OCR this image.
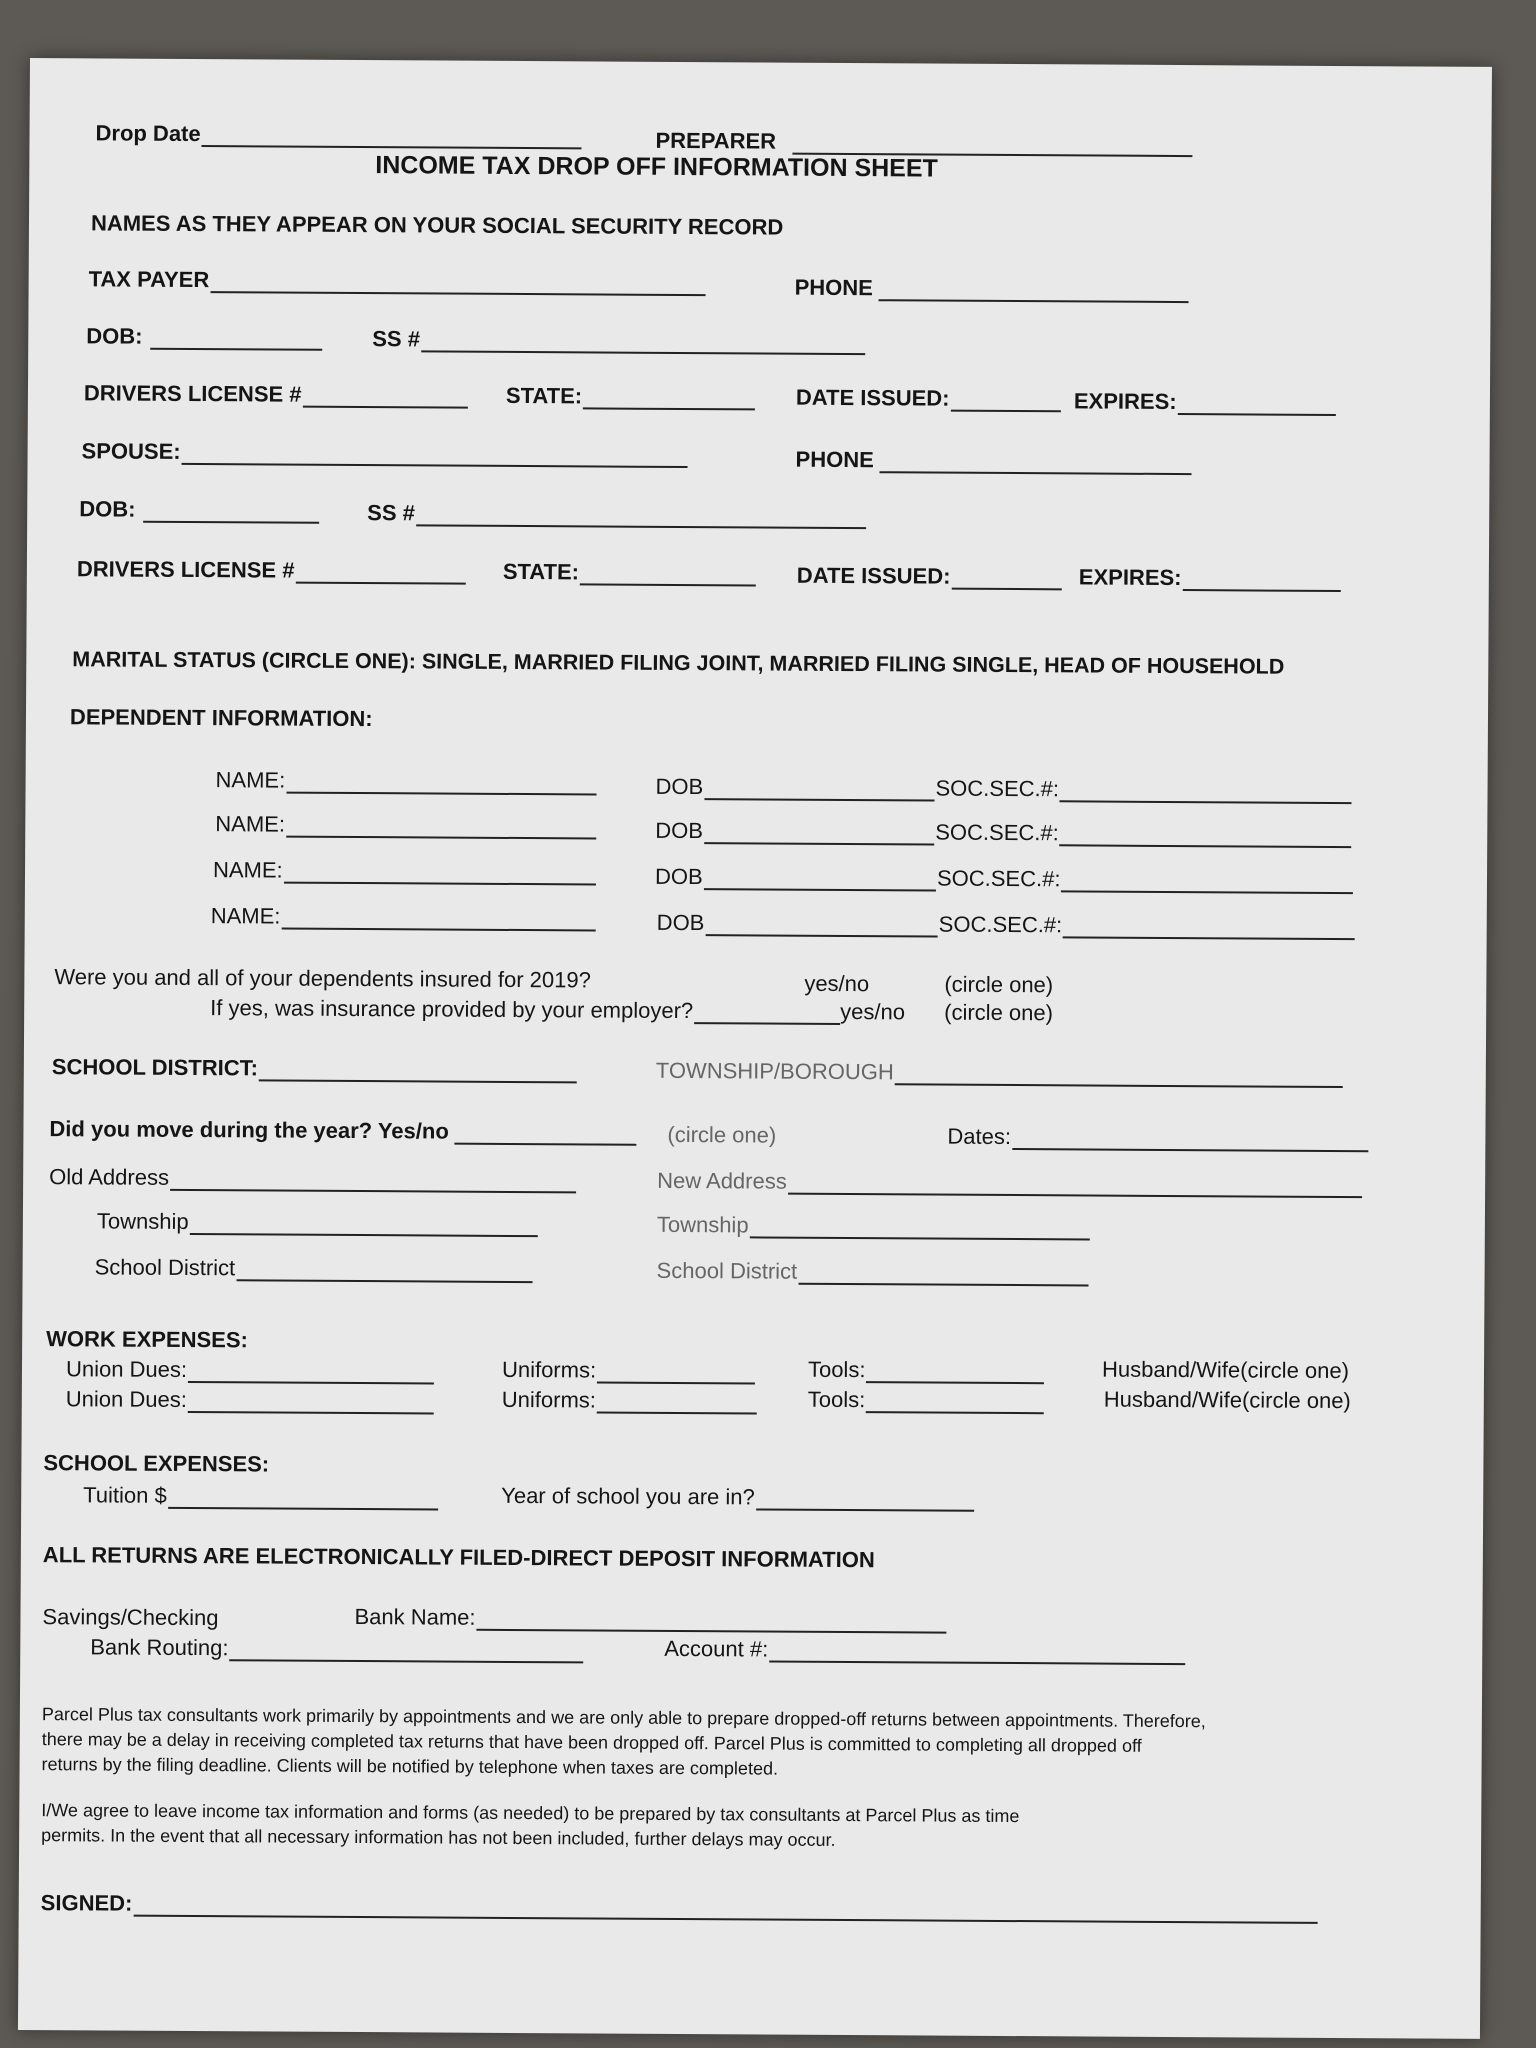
Drop Date	PREPARER
INCOME TAX DROP OFF INFORMATION SHEET
NAMES AS THEY APPEAR ON YOUR SOCIAL SECURITY RECORD
TAX PAYER	PHONE
DOB:	SS #
DRIVERS LICENSE #	STATE:	DATE ISSUED:	EXPIRES:
SPOUSE:	PHONE
DOB:	SS #
DRIVERS LICENSE #	STATE:	DATE ISSUED:	EXPIRES:
MARITAL STATUS (CIRCLE ONE): SINGLE, MARRIED FILING JOINT, MARRIED FILING SINGLE, HEAD OF HOUSEHOLD
DEPENDENT INFORMATION:
NAME:	DOB	SOC.SEC.#:
NAME:	DOB	SOC.SEC.#:
NAME:	DOB	SOC.SEC.#:
NAME:	DOB	SOC.SEC.#:
Were you and all of your dependents insured for 2019?	yes/no	(circle one)
If yes, was insurance provided by your employer?	yes/no (circle one)
SCHOOL DISTRICT:	TOWNSHIP/BOROUGH
Did you move during the year? Yes/no	(circle one)	Dates:
Old Address	New Address
Township	Township
School District	School District
WORK EXPENSES:
Union Dues:	Uniforms:	Tools:	Husband/Wife(circle one)
Union Dues:	Uniforms:	Tools:	Husband/Wife(circle one)
SCHOOL EXPENSES:
Tuition $	Year of school you are in?
ALL RETURNS ARE ELECTRONICALLY FILED-DIRECT DEPOSIT INFORMATION
Savings/Checking	Bank Name:
Bank Routing:	Account #:
Parcel Plus tax consultants work primarily by appointments and we are only able to prepare dropped-off returns between appointments. Therefore,
there may be a delay in receiving completed tax returns that have been dropped off. Parcel Plus is committed to completing all dropped off
returns by the filing deadline. Clients will be notified by telephone when taxes are completed.
I/We agree to leave income tax information and forms (as needed) to be prepared by tax consultants at Parcel Plus as time
permits. In the event that all necessary information has not been included, further delays may occur.
SIGNED:
